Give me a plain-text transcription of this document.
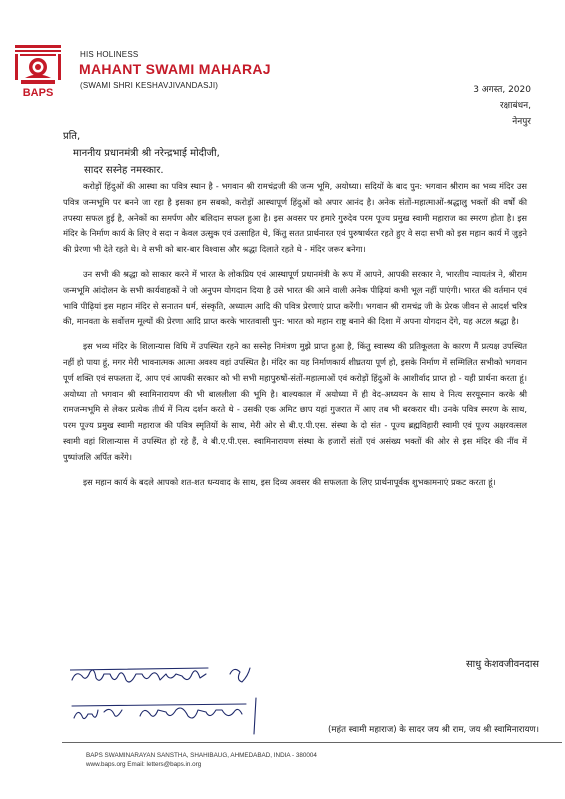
BAPS
HIS HOLINESS
MAHANT SWAMI MAHARAJ
(SWAMI SHRI KESHAVJIVANDASJI)	3 अगस्त, 2020
रक्षाबंधन,
नेनपुर
प्रति,
माननीय प्रधानमंत्री श्री नरेन्द्रभाई मोदीजी,
सादर सस्नेह नमस्कार.

करोड़ों हिंदुओं की आस्था का पवित्र स्थान है - भगवान श्री रामचंद्रजी की जन्म भूमि, अयोध्या। सदियों के बाद पुन: भगवान श्रीराम का भव्य मंदिर उस पवित्र जन्मभूमि पर बनने जा रहा है इसका हम सबको, करोड़ों आस्थापूर्ण हिंदुओं को अपार आनंद है। अनेक संतों-महात्माओं-श्रद्धालु भक्तों की वर्षों की तपस्या सफल हुई है, अनेकों का समर्पण और बलिदान सफल हुआ है। इस अवसर पर हमारे गुरुदेव परम पूज्य प्रमुख स्वामी महाराज का स्मरण होता है। इस मंदिर के निर्माण कार्य के लिए वे सदा न केवल उत्सुक एवं उत्साहित थे, किंतु सतत प्रार्थनारत एवं पुरुषार्थरत रहते हुए वे सदा सभी को इस महान कार्य में जुड़ने की प्रेरणा भी देते रहते थे। वे सभी को बार-बार विश्वास और श्रद्धा दिलाते रहते थे - मंदिर जरूर बनेगा।

उन सभी की श्रद्धा को साकार करने में भारत के लोकप्रिय एवं आस्थापूर्ण प्रधानमंत्री के रूप में आपने, आपकी सरकार ने, भारतीय न्यायतंत्र ने, श्रीराम जन्मभूमि आंदोलन के सभी कार्यवाहकों ने जो अनुपम योगदान दिया है उसे भारत की आने वाली अनेक पीढ़ियां कभी भूल नहीं पाएंगी। भारत की वर्तमान एवं भावि पीढ़ियां इस महान मंदिर से सनातन धर्म, संस्कृति, अध्यात्म आदि की पवित्र प्रेरणाएं प्राप्त करेंगी। भगवान श्री रामचंद्र जी के प्रेरक जीवन से आदर्श चरित्र की, मानवता के सर्वोत्तम मूल्यों की प्रेरणा आदि प्राप्त करके भारतवासी पुन: भारत को महान राष्ट्र बनाने की दिशा में अपना योगदान देंगे, यह अटल श्रद्धा है।

इस भव्य मंदिर के शिलान्यास विधि में उपस्थित रहने का सस्नेह निमंत्रण मुझे प्राप्त हुआ है, किंतु स्वास्थ्य की प्रतिकूलता के कारण मैं प्रत्यक्ष उपस्थित नहीं हो पाया हूं, मगर मेरी भावनात्मक आत्मा अवश्य वहां उपस्थित है। मंदिर का यह निर्माणकार्य शीघ्रतया पूर्ण हो, इसके निर्माण में सम्मिलित सभीको भगवान पूर्ण शक्ति एवं सफलता दें, आप एवं आपकी सरकार को भी सभी महापुरुषों-संतों-महात्माओं एवं करोड़ों हिंदुओं के आशीर्वाद प्राप्त हो - यही प्रार्थना करता हूं। अयोध्या तो भगवान श्री स्वामिनारायण की भी बाललीला की भूमि है। बाल्यकाल में अयोध्या में ही वेद-अध्ययन के साथ वे नित्य सरयूस्नान करके श्री रामजन्मभूमि से लेकर प्रत्येक तीर्थ में नित्य दर्शन करते थे - उसकी एक अमिट छाप यहां गुजरात में आए तब भी बरकरार थी। उनके पवित्र स्मरण के साथ, परम पूज्य प्रमुख स्वामी महाराज की पवित्र स्मृतियों के साथ, मेरी ओर से बी.ए.पी.एस. संस्था के दो संत - पूज्य ब्रह्मविहारी स्वामी एवं पूज्य अक्षरवत्सल स्वामी वहां शिलान्यास में उपस्थित हो रहे हैं, वे बी.ए.पी.एस. स्वामिनारायण संस्था के हजारों संतों एवं असंख्य भक्तों की ओर से इस मंदिर की नींव में पुष्पांजलि अर्पित करेंगे।

इस महान कार्य के बदले आपको शत-शत धन्यवाद के साथ, इस दिव्य अवसर की सफलता के लिए प्रार्थनापूर्वक शुभकामनाएं प्रकट करता हूं।

साधु केशवजीवनदास
(महंत स्वामी महाराज) के सादर जय श्री राम, जय श्री स्वामिनारायण।
BAPS SWAMINARAYAN SANSTHA, SHAHIBAUG, AHMEDABAD, INDIA - 380004
www.baps.org Email: letters@baps.in.org
